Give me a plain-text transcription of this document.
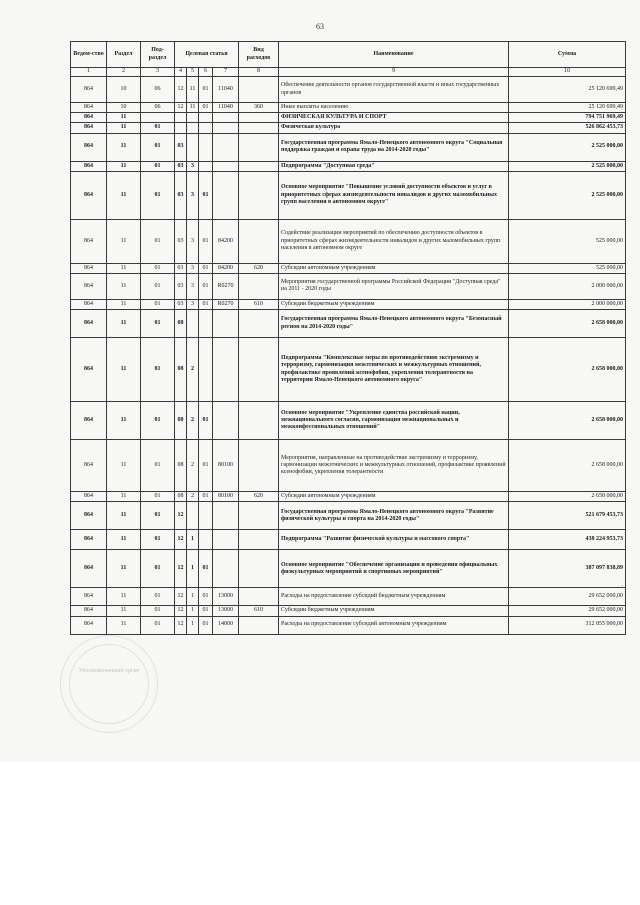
63
Ведом-ство	Раздел	Под-раздел	Целевая статья				Вид расходов	Наименование	Сумма
1	2	3	4	5	6	7	8	9	10
864	10	06	12	11	01	11040		Обеспечение деятельности органов государственной власти и иных государственных органов	25 120 699,49
864	10	06	12	11	01	11040	360	Иные выплаты населению	25 120 699,49
864	11							ФИЗИЧЕСКАЯ КУЛЬТУРА И СПОРТ	794 751 969,49
864	11	01						Физическая культура	526 862 453,73
864	11	01	03					Государственная программа Ямало-Ненецкого автономного округа "Социальная поддержка граждан и охрана труда на 2014-2020 годы"	2 525 000,00
864	11	01	03	3				Подпрограмма "Доступная среда"	2 525 000,00
864	11	01	03	3	01			Основное мероприятие "Повышение условий доступности объектов и услуг в приоритетных сферах жизнедеятельности инвалидов и других маломобильных групп населения в автономном округе"	2 525 000,00
864	11	01	03	3	01	84200		Содействие реализации мероприятий по обеспечению доступности объектов в приоритетных сферах жизнедеятельности инвалидов и других маломобильных групп населения в автономном округе	525 000,00
864	11	01	03	3	01	84200	620	Субсидии автономным учреждениям	525 000,00
864	11	01	03	3	01	R0270		Мероприятия государственной программы Российской Федерации "Доступная среда" на 2011 - 2020 годы	2 000 000,00
864	11	01	03	3	01	R0270	610	Субсидии бюджетным учреждениям	2 000 000,00
864	11	01	08					Государственная программа Ямало-Ненецкого автономного округа "Безопасный регион на 2014-2020 годы"	2 658 000,00
864	11	01	08	2				Подпрограмма "Комплексные меры по противодействию экстремизму и терроризму, гармонизация межэтнических и межкультурных отношений, профилактике проявлений ксенофобии, укрепления толерантности на территории Ямало-Ненецкого автономного округа"	2 658 000,00
864	11	01	08	2	01			Основное мероприятие "Укрепление единства российской нации, межнационального согласия, гармонизация межнациональных и межконфессиональных отношений"	2 658 000,00
864	11	01	08	2	01	80100		Мероприятия, направленные на противодействие экстремизму и терроризму, гармонизации межэтнических и межкультурных отношений, профилактике проявлений ксенофобии, укрепления толерантности	2 658 000,00
864	11	01	08	2	01	80100	620	Субсидии автономным учреждениям	2 658 000,00
864	11	01	12					Государственная программа Ямало-Ненецкого автономного округа "Развитие физической культуры и спорта на 2014-2020 годы"	521 679 453,73
864	11	01	12	1				Подпрограмма "Развитие физической культуры и массового спорта"	438 224 953,73
864	11	01	12	1	01			Основное мероприятие "Обеспечение организации и проведения официальных физкультурных мероприятий и спортивных мероприятий"	387 097 838,89
864	11	01	12	1	01	13000		Расходы на предоставление субсидий бюджетным учреждениям	29 652 000,00
864	11	01	12	1	01	13000	610	Субсидии бюджетным учреждениям	29 652 000,00
864	11	01	12	1	01	14000		Расходы на предоставление субсидий автономным учреждениям	312 855 000,00
Уполномоченный орган
·
